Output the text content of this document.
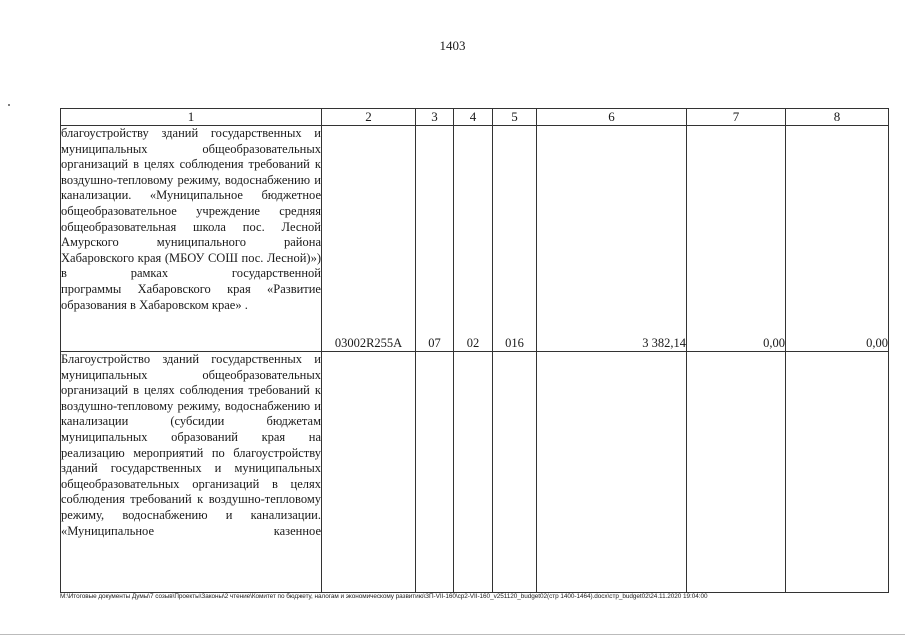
1403
1	2	3	4	5	6	7	8
благоустройству зданий государственных и муниципальных общеобразовательных организаций в целях соблюдения требований к воздушно-тепловому режиму, водоснабжению и канализации. «Муниципальное бюджетное общеобразовательное учреждение средняя общеобразовательная школа пос. Лесной Амурского муниципального района Хабаровского края (МБОУ СОШ пос. Лесной)») в рамках государственной
программы Хабаровского края «Развитие образования в Хабаровском крае» .	03002R255A	07	02	016	3 382,14	0,00	0,00
Благоустройство зданий государственных и муниципальных общеобразовательных организаций в целях соблюдения требований к воздушно-тепловому режиму, водоснабжению и канализации (субсидии бюджетам муниципальных образований края на реализацию мероприятий по благоустройству зданий государственных и муниципальных общеобразовательных организаций в целях соблюдения требований к воздушно-тепловому режиму, водоснабжению и канализации. «Муниципальное казенное							
М:\Итоговые документы Думы\7 созыв\Проекты\Законы\2 чтение\Комитет по бюджету, налогам и экономическому развитию\ЗП-VII-160\ср2-VII-160_v251120_budget02(стр 1400-1464).docx\стр_budget02\24.11.2020 19:04:00
